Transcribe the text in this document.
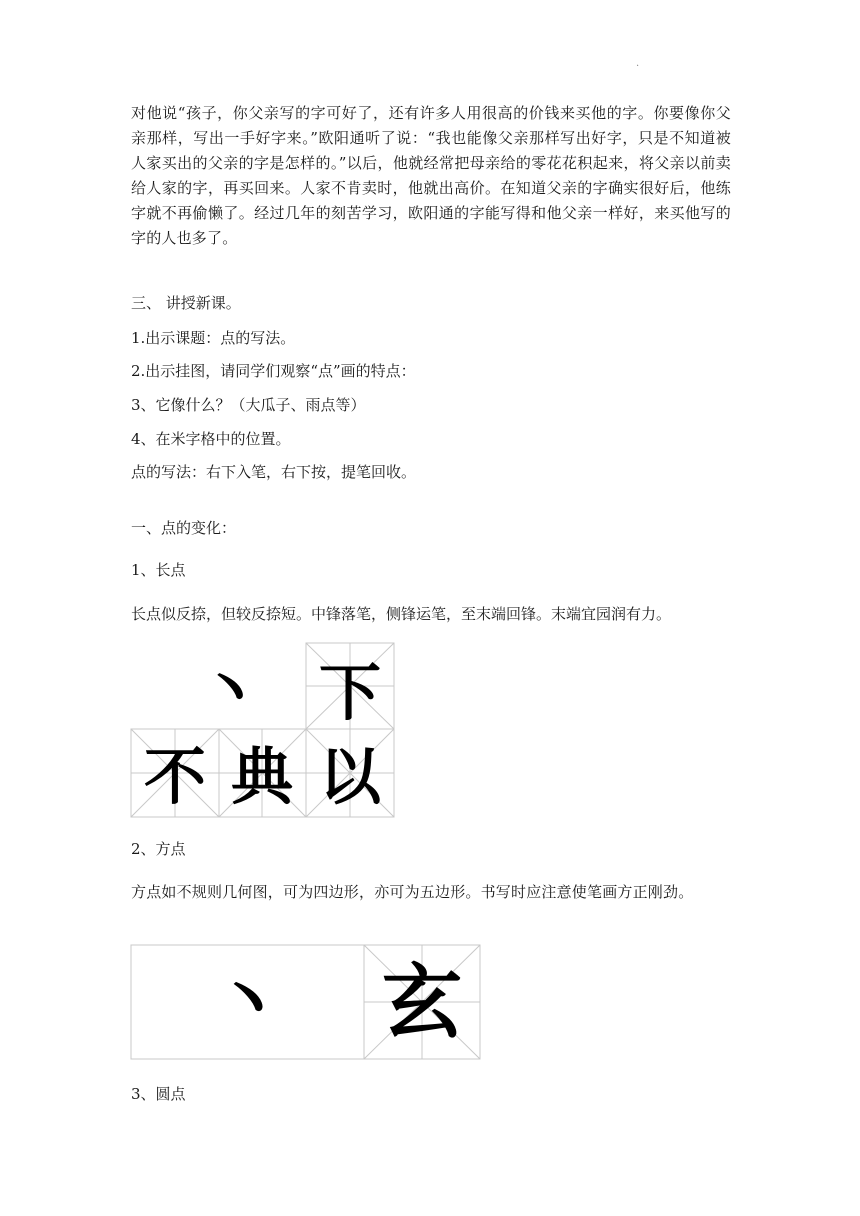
.

对他说“孩子，你父亲写的字可好了，还有许多人用很高的价钱来买他的字。你要像你父亲那样，写出一手好字来。”欧阳通听了说：“我也能像父亲那样写出好字，只是不知道被人家买出的父亲的字是怎样的。”以后，他就经常把母亲给的零花花积起来，将父亲以前卖给人家的字，再买回来。人家不肯卖时，他就出高价。在知道父亲的字确实很好后，他练字就不再偷懒了。经过几年的刻苦学习，欧阳通的字能写得和他父亲一样好，来买他写的字的人也多了。

三、 讲授新课。

1.出示课题：点的写法。

2.出示挂图，请同学们观察“点”画的特点：

3、它像什么？（大瓜子、雨点等）

4、在米字格中的位置。

点的写法：右下入笔，右下按，提笔回收。

一、点的变化：

1、长点

长点似反捺，但较反捺短。中锋落笔，侧锋运笔，至末端回锋。末端宜园润有力。

丶 下
不 典 以

2、方点

方点如不规则几何图，可为四边形，亦可为五边形。书写时应注意使笔画方正刚劲。

丶 玄

3、圆点
